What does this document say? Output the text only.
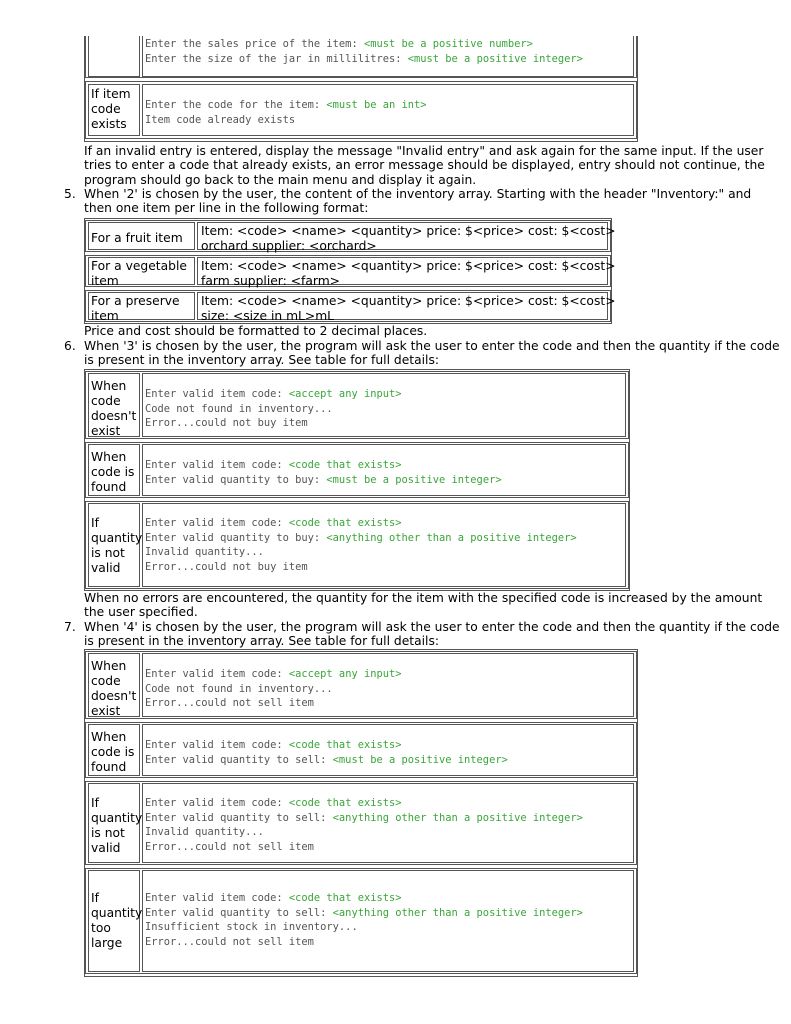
Enter the sales price of the item: <must be a positive number>
Enter the size of the jar in millilitres: <must be a positive integer>
If item
code
exists
Enter the code for the item: <must be an int>
Item code already exists
If an invalid entry is entered, display the message "Invalid entry" and ask again for the same input. If the user
tries to enter a code that already exists, an error message should be displayed, entry should not continue, the
program should go back to the main menu and display it again.
5. When '2' is chosen by the user, the content of the inventory array. Starting with the header "Inventory:" and
then one item per line in the following format:
For a fruit item	Item: <code> <name> <quantity> price: $<price> cost: $<cost>
orchard supplier: <orchard>
For a vegetable
item
Item: <code> <name> <quantity> price: $<price> cost: $<cost>
farm supplier: <farm>
For a preserve
item
Item: <code> <name> <quantity> price: $<price> cost: $<cost>
size: <size in mL>mL
Price and cost should be formatted to 2 decimal places.
6. When '3' is chosen by the user, the program will ask the user to enter the code and then the quantity if the code
is present in the inventory array. See table for full details:
When
code
doesn't
exist
Enter valid item code: <accept any input>
Code not found in inventory...
Error...could not buy item
When
code is
found
Enter valid item code: <code that exists>
Enter valid quantity to buy: <must be a positive integer>
If
quantity
is not
valid
Enter valid item code: <code that exists>
Enter valid quantity to buy: <anything other than a positive integer>
Invalid quantity...
Error...could not buy item
When no errors are encountered, the quantity for the item with the specified code is increased by the amount
the user specified.
7. When '4' is chosen by the user, the program will ask the user to enter the code and then the quantity if the code
is present in the inventory array. See table for full details:
When
code
doesn't
exist
Enter valid item code: <accept any input>
Code not found in inventory...
Error...could not sell item
When
code is
found
Enter valid item code: <code that exists>
Enter valid quantity to sell: <must be a positive integer>
If
quantity
is not
valid
Enter valid item code: <code that exists>
Enter valid quantity to sell: <anything other than a positive integer>
Invalid quantity...
Error...could not sell item
If
quantity
too
large
Enter valid item code: <code that exists>
Enter valid quantity to sell: <anything other than a positive integer>
Insufficient stock in inventory...
Error...could not sell item
